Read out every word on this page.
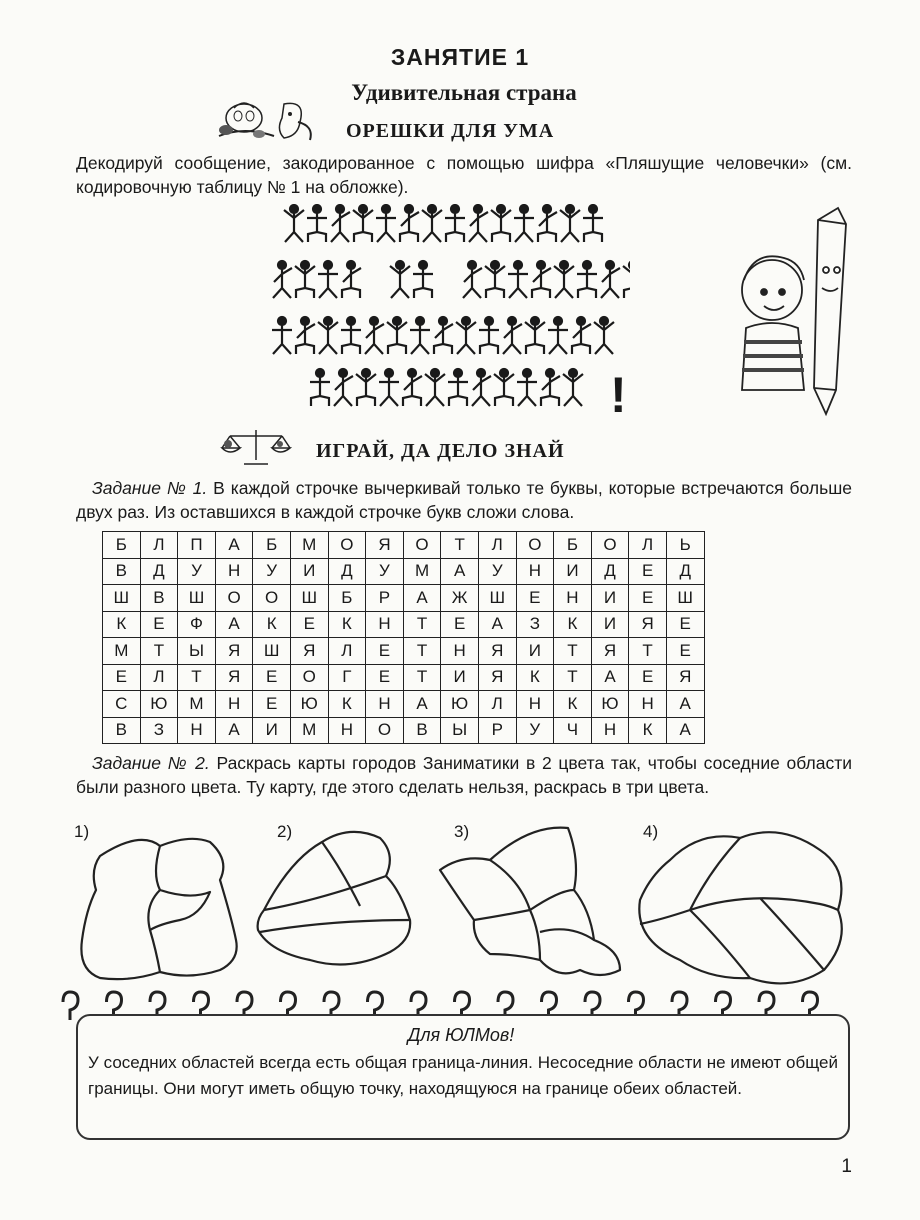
ЗАНЯТИЕ 1
Удивительная страна
ОРЕШКИ ДЛЯ УМА
Декодируй сообщение, закодированное с помощью шифра «Пляшущие человечки» (см. кодировочную таблицу № 1 на обложке).
!
ИГРАЙ, ДА ДЕЛО ЗНАЙ
Задание № 1. В каждой строчке вычеркивай только те буквы, которые встречаются больше двух раз. Из оставшихся в каждой строчке букв сложи слова.
Б	Л	П	А	Б	М	О	Я	О	Т	Л	О	Б	О	Л	Ь
В	Д	У	Н	У	И	Д	У	М	А	У	Н	И	Д	Е	Д
Ш	В	Ш	О	О	Ш	Б	Р	А	Ж	Ш	Е	Н	И	Е	Ш
К	Е	Ф	А	К	Е	К	Н	Т	Е	А	З	К	И	Я	Е
М	Т	Ы	Я	Ш	Я	Л	Е	Т	Н	Я	И	Т	Я	Т	Е
Е	Л	Т	Я	Е	О	Г	Е	Т	И	Я	К	Т	А	Е	Я
С	Ю	М	Н	Е	Ю	К	Н	А	Ю	Л	Н	К	Ю	Н	А
В	З	Н	А	И	М	Н	О	В	Ы	Р	У	Ч	Н	К	А
Задание № 2. Раскрась карты городов Заниматики в 2 цвета так, чтобы соседние области были разного цвета. Ту карту, где этого сделать нельзя, раскрась в три цвета.
1)	2)	3)	4)
Для ЮЛМов!
У соседних областей всегда есть общая граница-линия. Несоседние области не имеют общей границы. Они могут иметь общую точку, находящуюся на границе обеих областей.
1
